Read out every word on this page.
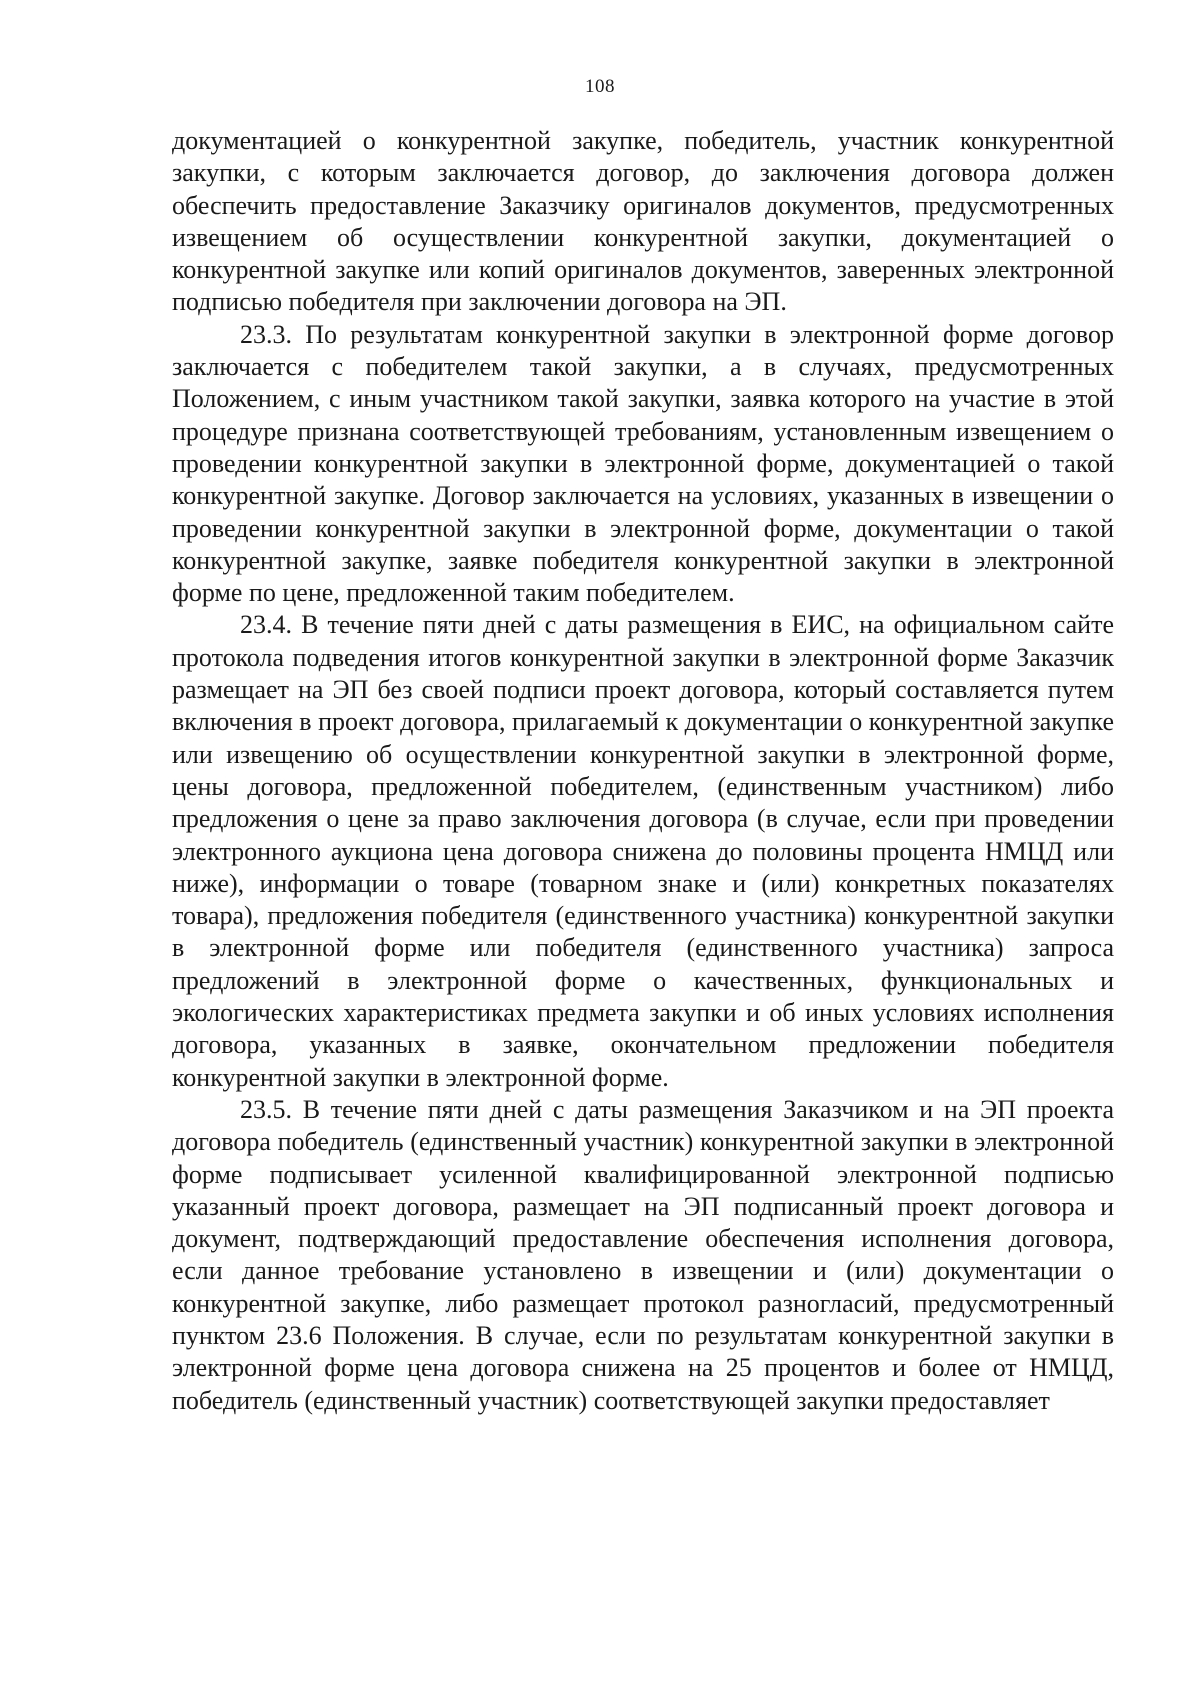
108

документацией о конкурентной закупке, победитель, участник конкурентной закупки, с которым заключается договор, до заключения договора должен обеспечить предоставление Заказчику оригиналов документов, предусмотренных извещением об осуществлении конкурентной закупки, документацией о конкурентной закупке или копий оригиналов документов, заверенных электронной подписью победителя при заключении договора на ЭП.

23.3. По результатам конкурентной закупки в электронной форме договор заключается с победителем такой закупки, а в случаях, предусмотренных Положением, с иным участником такой закупки, заявка которого на участие в этой процедуре признана соответствующей требованиям, установленным извещением о проведении конкурентной закупки в электронной форме, документацией о такой конкурентной закупке. Договор заключается на условиях, указанных в извещении о проведении конкурентной закупки в электронной форме, документации о такой конкурентной закупке, заявке победителя конкурентной закупки в электронной форме по цене, предложенной таким победителем.

23.4. В течение пяти дней с даты размещения в ЕИС, на официальном сайте протокола подведения итогов конкурентной закупки в электронной форме Заказчик размещает на ЭП без своей подписи проект договора, который составляется путем включения в проект договора, прилагаемый к документации о конкурентной закупке или извещению об осуществлении конкурентной закупки в электронной форме, цены договора, предложенной победителем, (единственным участником) либо предложения о цене за право заключения договора (в случае, если при проведении электронного аукциона цена договора снижена до половины процента НМЦД или ниже), информации о товаре (товарном знаке и (или) конкретных показателях товара), предложения победителя (единственного участника) конкурентной закупки в электронной форме или победителя (единственного участника) запроса предложений в электронной форме о качественных, функциональных и экологических характеристиках предмета закупки и об иных условиях исполнения договора, указанных в заявке, окончательном предложении победителя конкурентной закупки в электронной форме.

23.5. В течение пяти дней с даты размещения Заказчиком и на ЭП проекта договора победитель (единственный участник) конкурентной закупки в электронной форме подписывает усиленной квалифицированной электронной подписью указанный проект договора, размещает на ЭП подписанный проект договора и документ, подтверждающий предоставление обеспечения исполнения договора, если данное требование установлено в извещении и (или) документации о конкурентной закупке, либо размещает протокол разногласий, предусмотренный пунктом 23.6 Положения. В случае, если по результатам конкурентной закупки в электронной форме цена договора снижена на 25 процентов и более от НМЦД, победитель (единственный участник) соответствующей закупки предоставляет
